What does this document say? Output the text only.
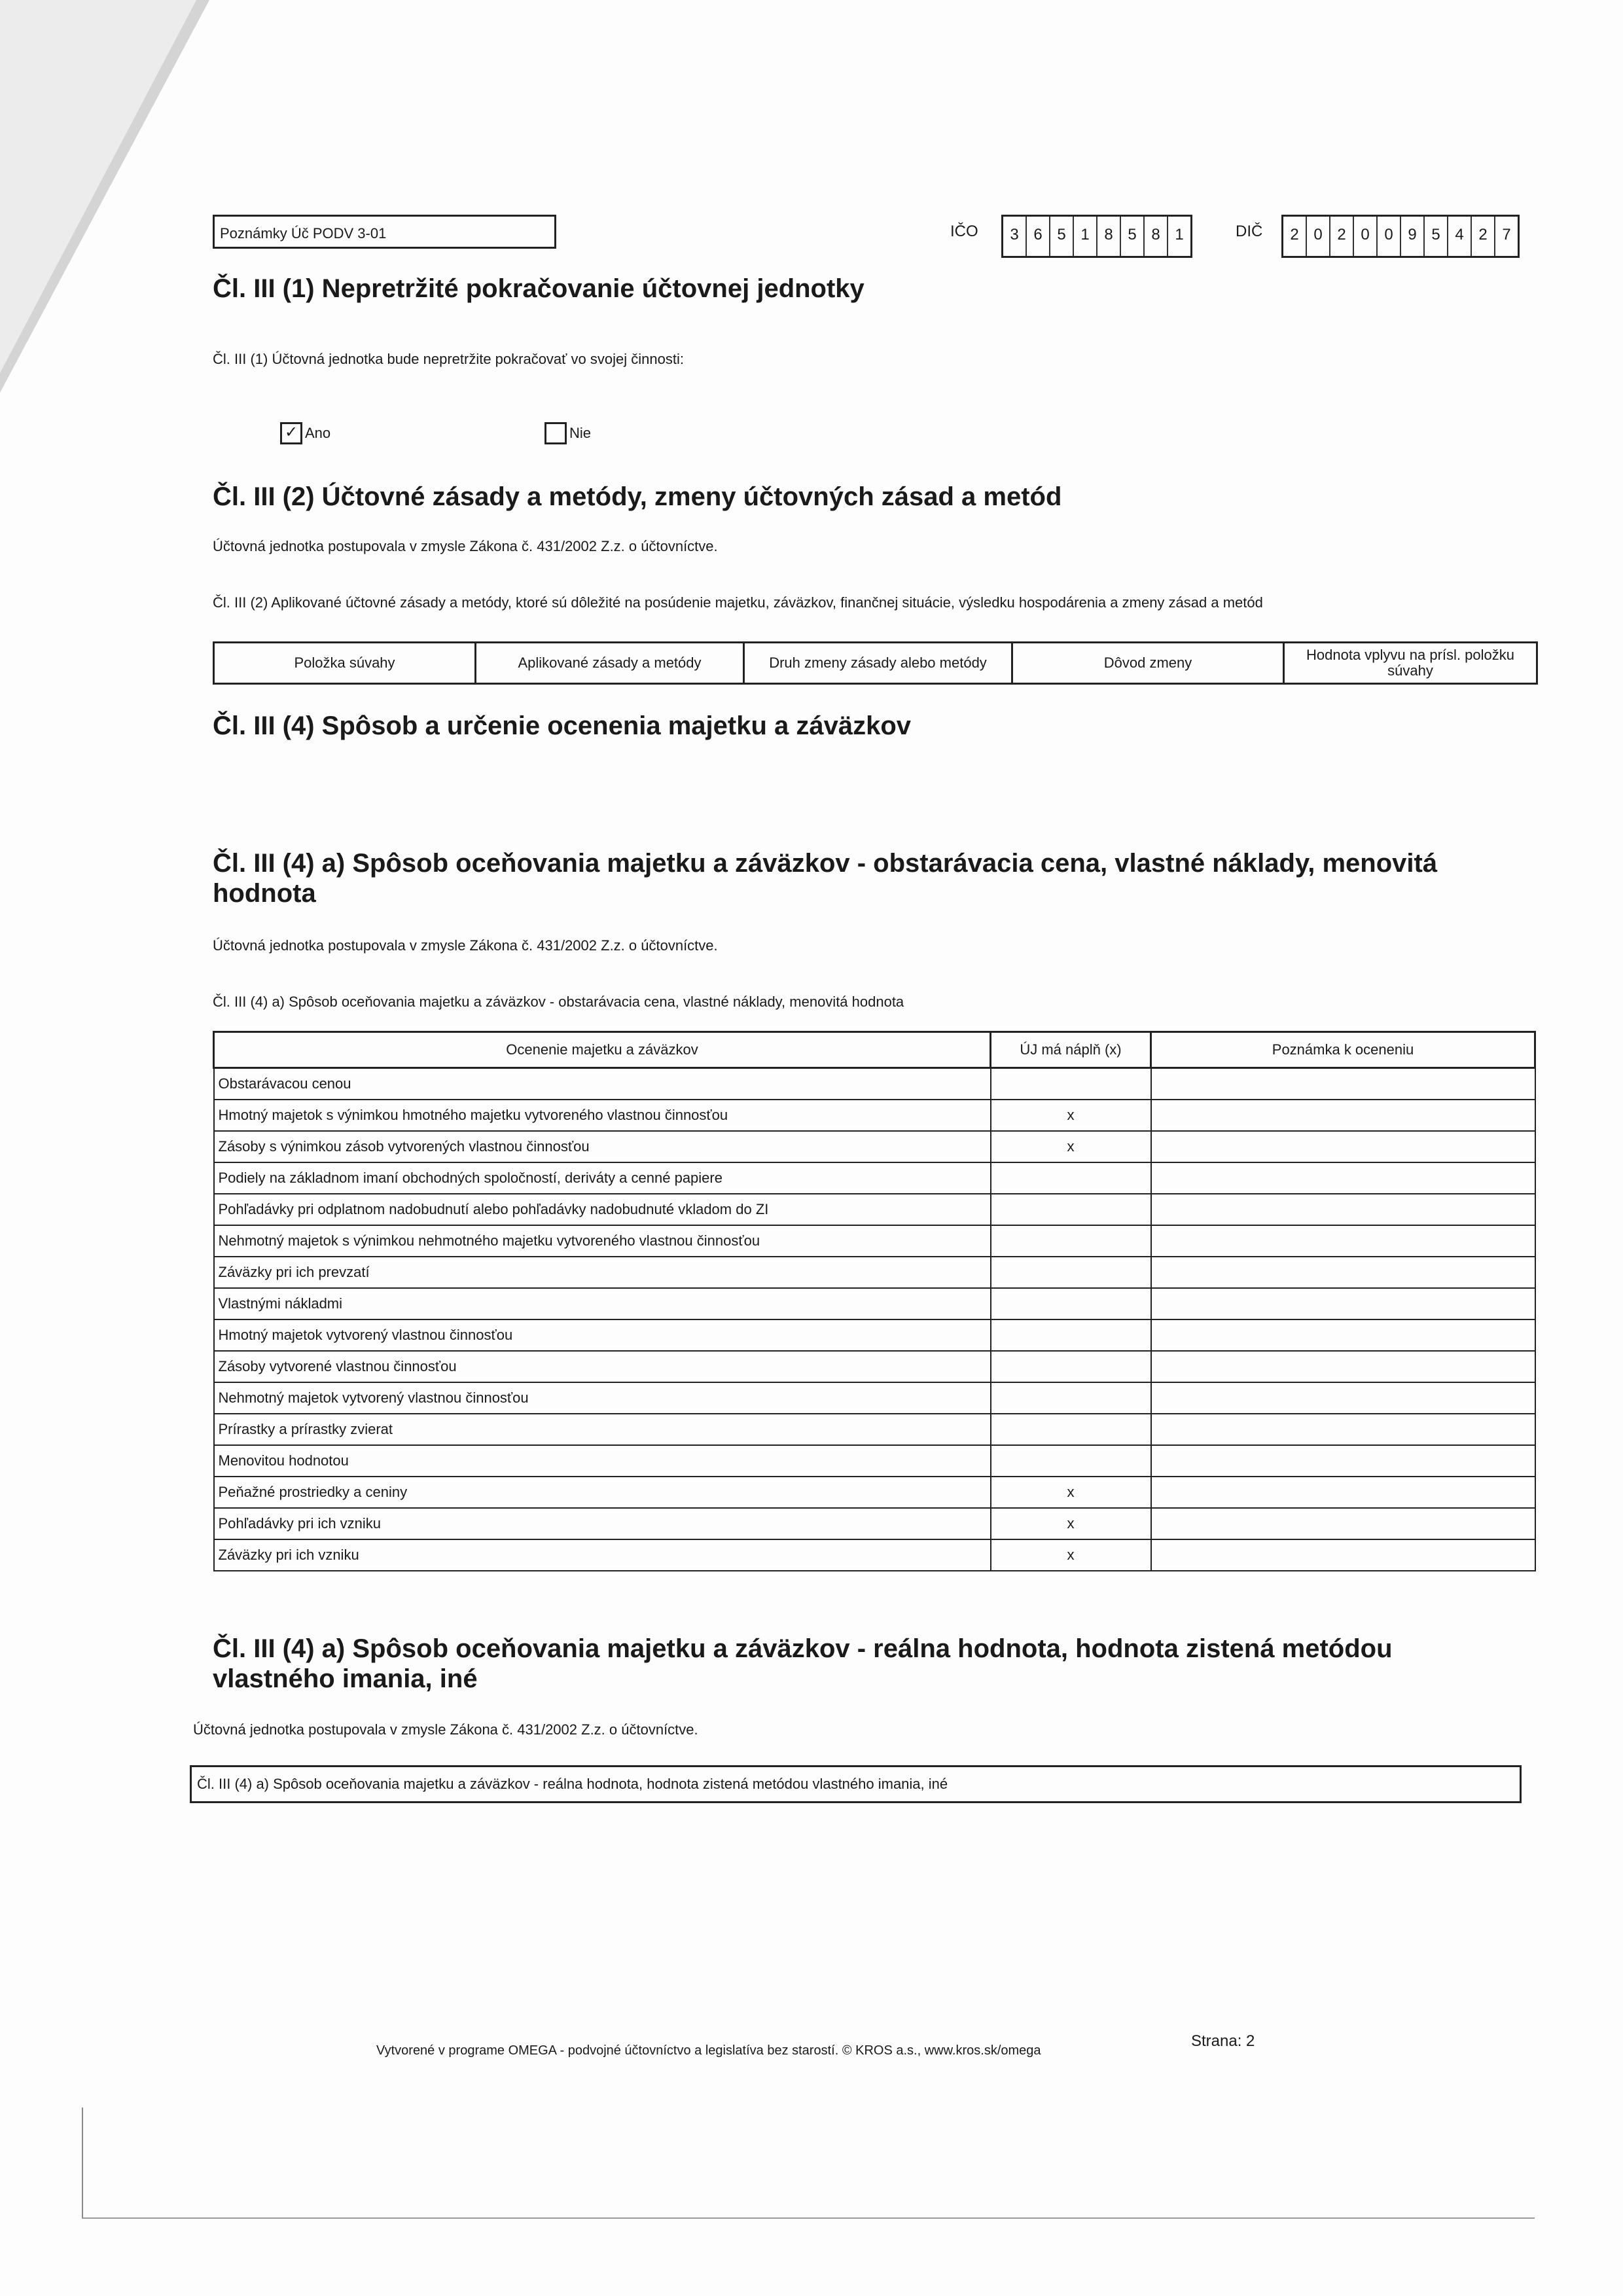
Poznámky Úč PODV 3-01	IČO	3 6 5 1 8 5 8 1	DIČ	2 0 2 0 0 9 5 4 2 7
Čl. III (1) Nepretržité pokračovanie účtovnej jednotky
Čl. III (1) Účtovná jednotka bude nepretržite pokračovať vo svojej činnosti:
✓ Ano	Nie
Čl. III (2) Účtovné zásady a metódy, zmeny účtovných zásad a metód
Účtovná jednotka postupovala v zmysle Zákona č. 431/2002 Z.z. o účtovníctve.
Čl. III (2) Aplikované účtovné zásady a metódy, ktoré sú dôležité na posúdenie majetku, záväzkov, finančnej situácie, výsledku hospodárenia a zmeny zásad a metód
Položka súvahy	Aplikované zásady a metódy	Druh zmeny zásady alebo metódy	Dôvod zmeny	Hodnota vplyvu na prísl. položku súvahy
Čl. III (4) Spôsob a určenie ocenenia majetku a záväzkov
Čl. III (4) a) Spôsob oceňovania majetku a záväzkov - obstarávacia cena, vlastné náklady, menovitá hodnota
Účtovná jednotka postupovala v zmysle Zákona č. 431/2002 Z.z. o účtovníctve.
Čl. III (4) a) Spôsob oceňovania majetku a záväzkov - obstarávacia cena, vlastné náklady, menovitá hodnota
Ocenenie majetku a záväzkov	ÚJ má náplň (x)	Poznámka k oceneniu
Obstarávacou cenou		
Hmotný majetok s výnimkou hmotného majetku vytvoreného vlastnou činnosťou	x	
Zásoby s výnimkou zásob vytvorených vlastnou činnosťou	x	
Podiely na základnom imaní obchodných spoločností, deriváty a cenné papiere		
Pohľadávky pri odplatnom nadobudnutí alebo pohľadávky nadobudnuté vkladom do ZI		
Nehmotný majetok s výnimkou nehmotného majetku vytvoreného vlastnou činnosťou		
Záväzky pri ich prevzatí		
Vlastnými nákladmi		
Hmotný majetok vytvorený vlastnou činnosťou		
Zásoby vytvorené vlastnou činnosťou		
Nehmotný majetok vytvorený vlastnou činnosťou		
Prírastky a prírastky zvierat		
Menovitou hodnotou		
Peňažné prostriedky a ceniny	x	
Pohľadávky pri ich vzniku	x	
Záväzky pri ich vzniku	x	
Čl. III (4) a) Spôsob oceňovania majetku a záväzkov - reálna hodnota, hodnota zistená metódou vlastného imania, iné
Účtovná jednotka postupovala v zmysle Zákona č. 431/2002 Z.z. o účtovníctve.
Čl. III (4) a) Spôsob oceňovania majetku a záväzkov - reálna hodnota, hodnota zistená metódou vlastného imania, iné
Vytvorené v programe OMEGA - podvojné účtovníctvo a legislatíva bez starostí. © KROS a.s., www.kros.sk/omega
Strana: 2
